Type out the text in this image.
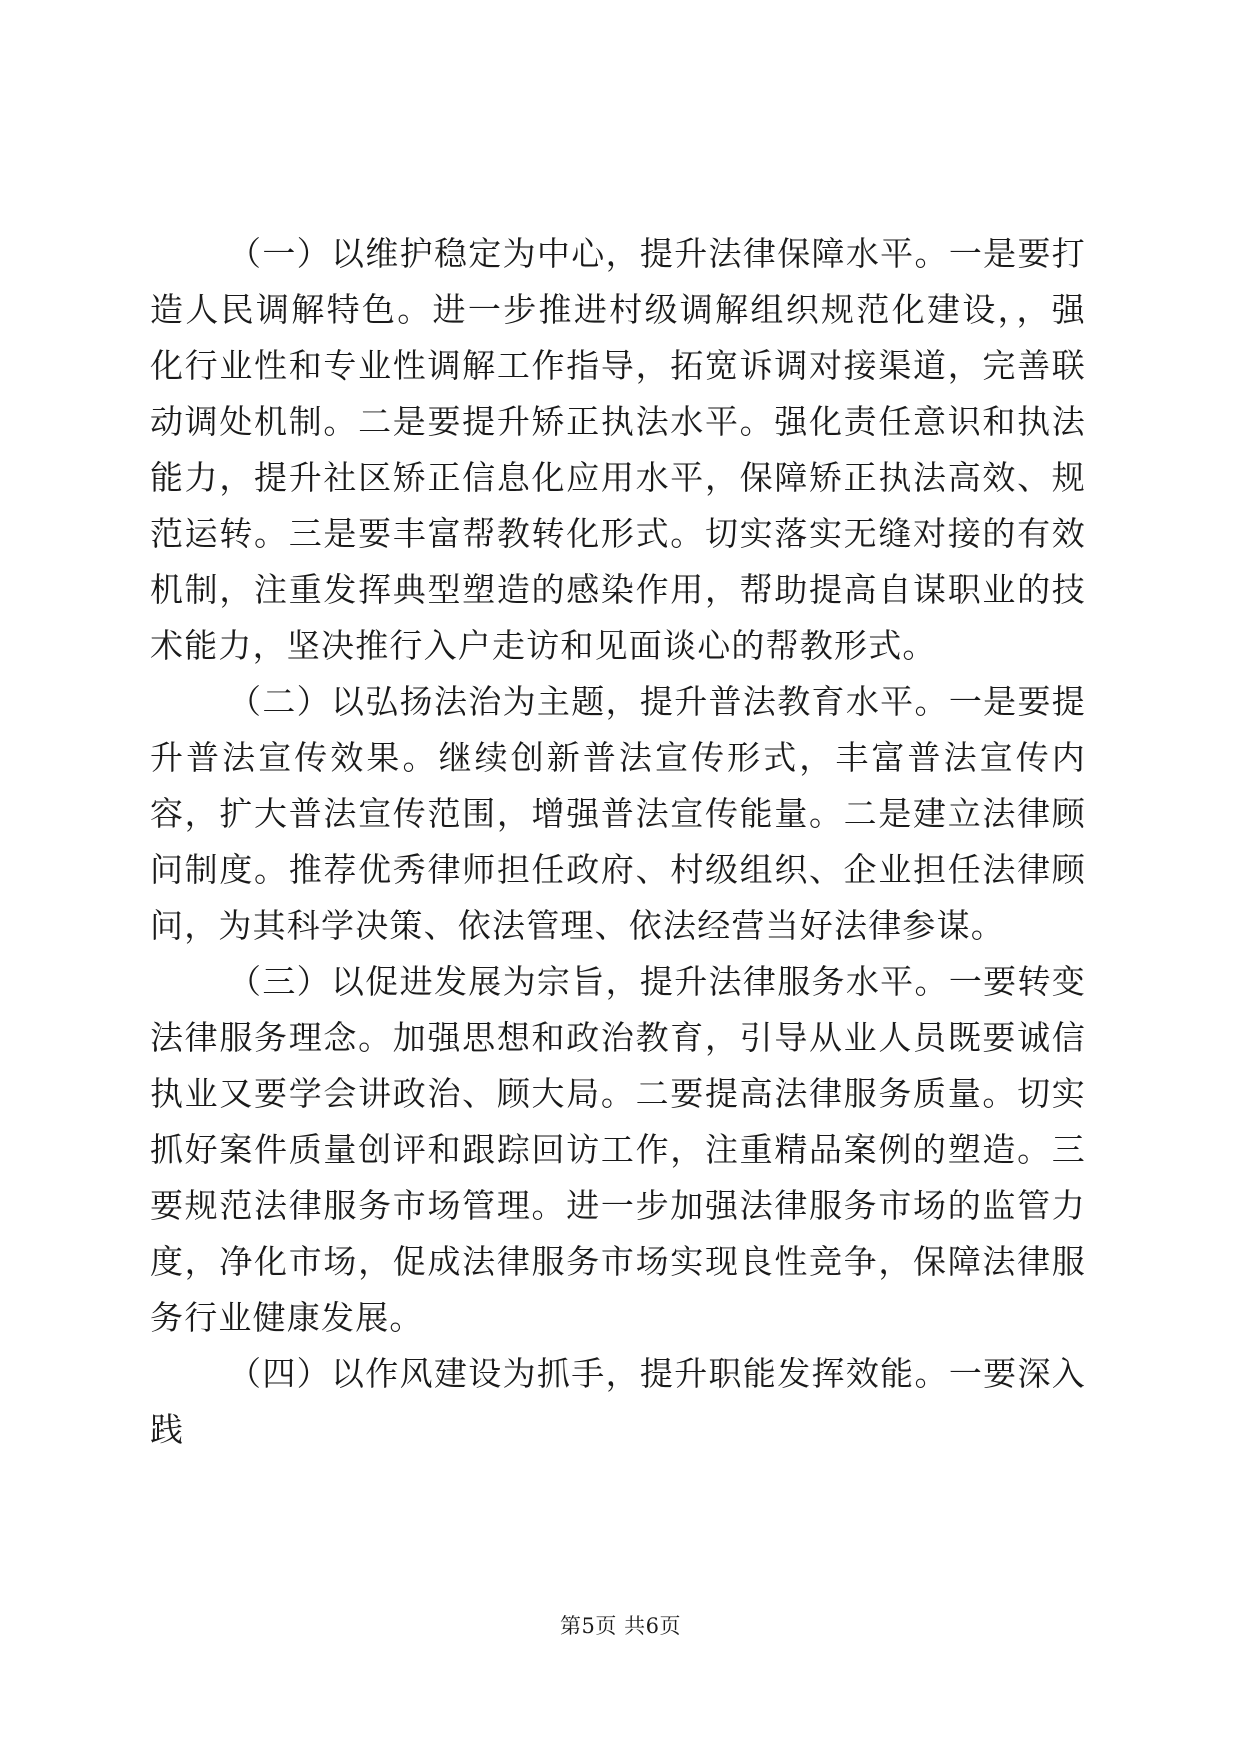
（一）以维护稳定为中心，提升法律保障水平。一是要打造人民调解特色。进一步推进村级调解组织规范化建设，，强化行业性和专业性调解工作指导，拓宽诉调对接渠道，完善联动调处机制。二是要提升矫正执法水平。强化责任意识和执法能力，提升社区矫正信息化应用水平，保障矫正执法高效、规范运转。三是要丰富帮教转化形式。切实落实无缝对接的有效机制，注重发挥典型塑造的感染作用，帮助提高自谋职业的技术能力，坚决推行入户走访和见面谈心的帮教形式。

（二）以弘扬法治为主题，提升普法教育水平。一是要提升普法宣传效果。继续创新普法宣传形式，丰富普法宣传内容，扩大普法宣传范围，增强普法宣传能量。二是建立法律顾问制度。推荐优秀律师担任政府、村级组织、企业担任法律顾问，为其科学决策、依法管理、依法经营当好法律参谋。

（三）以促进发展为宗旨，提升法律服务水平。一要转变法律服务理念。加强思想和政治教育，引导从业人员既要诚信执业又要学会讲政治、顾大局。二要提高法律服务质量。切实抓好案件质量创评和跟踪回访工作，注重精品案例的塑造。三要规范法律服务市场管理。进一步加强法律服务市场的监管力度，净化市场，促成法律服务市场实现良性竞争，保障法律服务行业健康发展。

（四）以作风建设为抓手，提升职能发挥效能。一要深入践

第5页 共6页
